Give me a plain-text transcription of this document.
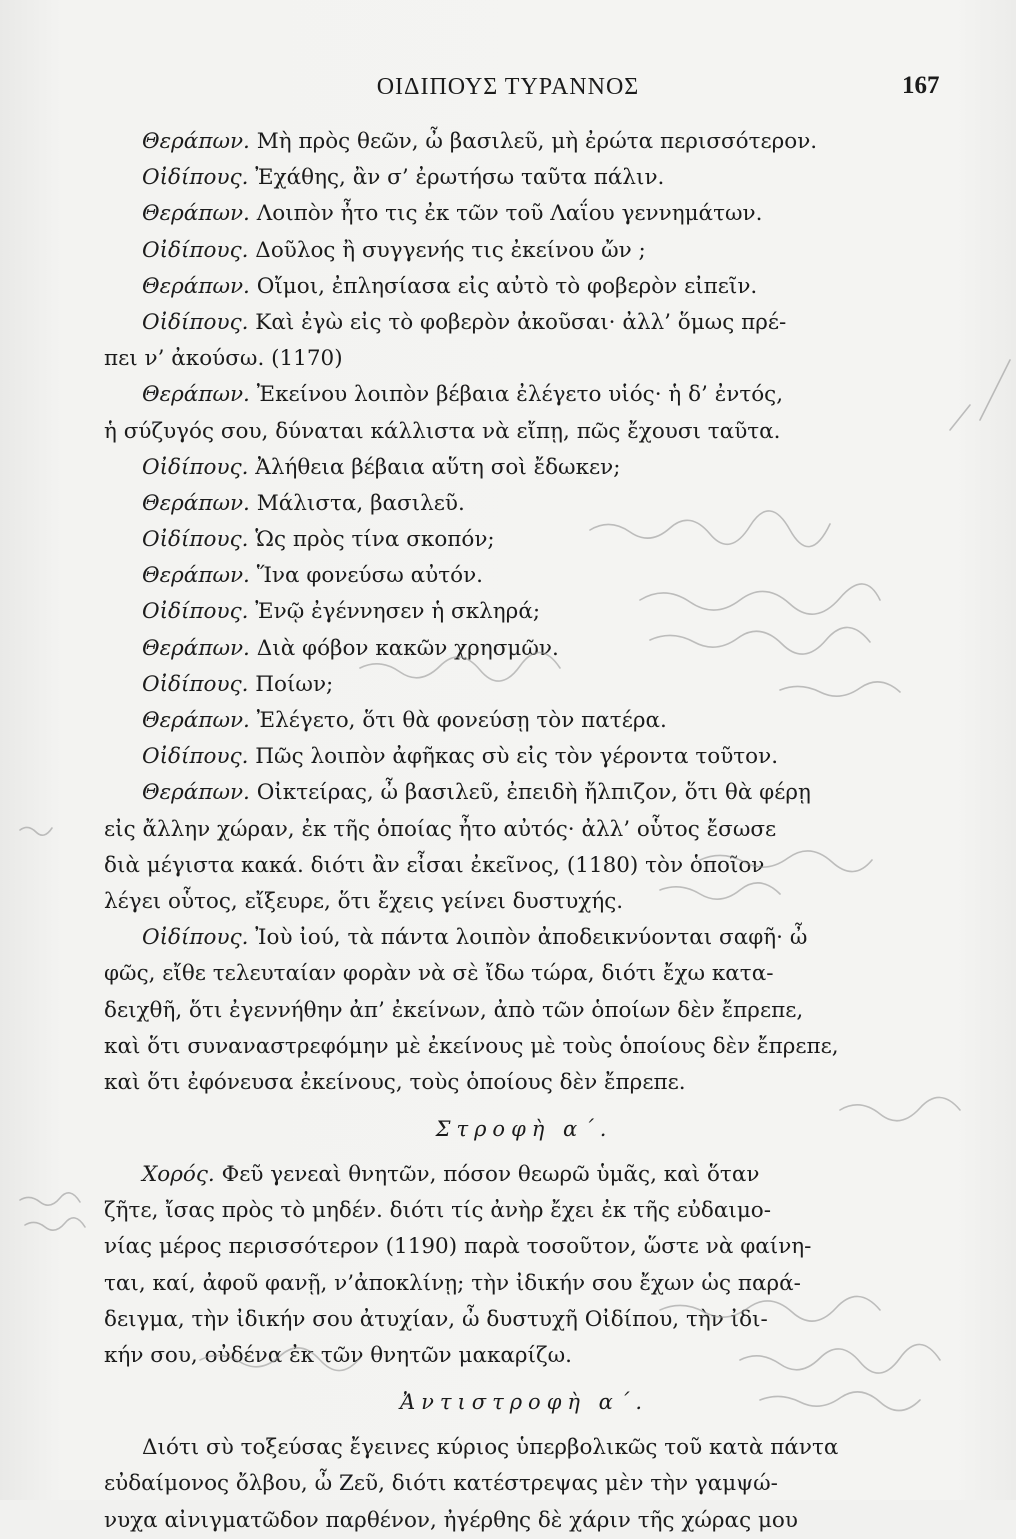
ΟΙΔΙΠΟΥΣ ΤΥΡΑΝΝΟΣ	167
Θεράπων. Μὴ πρὸς θεῶν, ὦ βασιλεῦ, μὴ ἐρώτα περισσότερον.
Οἰδίπους. Ἐχάθης, ἂν σ’ ἐρωτήσω ταῦτα πάλιν.
Θεράπων. Λοιπὸν ἦτο τις ἐκ τῶν τοῦ Λαΐου γεννημάτων.
Οἰδίπους. Δοῦλος ἢ συγγενής τις ἐκείνου ὤν ;
Θεράπων. Οἴμοι, ἐπλησίασα εἰς αὐτὸ τὸ φοβερὸν εἰπεῖν.
Οἰδίπους. Καὶ ἐγὼ εἰς τὸ φοβερὸν ἀκοῦσαι· ἀλλ’ ὅμως πρέ-
πει ν’ ἀκούσω. (1170)
Θεράπων. Ἐκείνου λοιπὸν βέβαια ἐλέγετο υἱός· ἡ δ’ ἐντός,
ἡ σύζυγός σου, δύναται κάλλιστα νὰ εἴπῃ, πῶς ἔχουσι ταῦτα.
Οἰδίπους. Ἀλήθεια βέβαια αὕτη σοὶ ἔδωκεν;
Θεράπων. Μάλιστα, βασιλεῦ.
Οἰδίπους. Ὡς πρὸς τίνα σκοπόν;
Θεράπων. Ἵνα φονεύσω αὐτόν.
Οἰδίπους. Ἐνῷ ἐγέννησεν ἡ σκληρά;
Θεράπων. Διὰ φόβον κακῶν χρησμῶν.
Οἰδίπους. Ποίων;
Θεράπων. Ἐλέγετο, ὅτι θὰ φονεύσῃ τὸν πατέρα.
Οἰδίπους. Πῶς λοιπὸν ἀφῆκας σὺ εἰς τὸν γέροντα τοῦτον.
Θεράπων. Οἰκτείρας, ὦ βασιλεῦ, ἐπειδὴ ἤλπιζον, ὅτι θὰ φέρῃ
εἰς ἄλλην χώραν, ἐκ τῆς ὁποίας ἦτο αὐτός· ἀλλ’ οὗτος ἔσωσε
διὰ μέγιστα κακά. διότι ἂν εἶσαι ἐκεῖνος, (1180) τὸν ὁποῖον
λέγει οὗτος, εἴξευρε, ὅτι ἔχεις γείνει δυστυχής.
Οἰδίπους. Ἰοὺ ἰού, τὰ πάντα λοιπὸν ἀποδεικνύονται σαφῆ· ὦ
φῶς, εἴθε τελευταίαν φορὰν νὰ σὲ ἴδω τώρα, διότι ἔχω κατα-
δειχθῆ, ὅτι ἐγεννήθην ἀπ’ ἐκείνων, ἀπὸ τῶν ὁποίων δὲν ἔπρεπε,
καὶ ὅτι συναναστρεφόμην μὲ ἐκείνους μὲ τοὺς ὁποίους δὲν ἔπρεπε,
καὶ ὅτι ἐφόνευσα ἐκείνους, τοὺς ὁποίους δὲν ἔπρεπε.
Στροφὴ α΄.
Χορός. Φεῦ γενεαὶ θνητῶν, πόσον θεωρῶ ὑμᾶς, καὶ ὅταν
ζῆτε, ἴσας πρὸς τὸ μηδέν. διότι τίς ἀνὴρ ἔχει ἐκ τῆς εὐδαιμο-
νίας μέρος περισσότερον (1190) παρὰ τοσοῦτον, ὥστε νὰ φαίνη-
ται, καί, ἀφοῦ φανῇ, ν’ἀποκλίνῃ; τὴν ἰδικήν σου ἔχων ὡς παρά-
δειγμα, τὴν ἰδικήν σου ἀτυχίαν, ὦ δυστυχῆ Οἰδίπου, τὴν ἰδι-
κήν σου, οὐδένα ἐκ τῶν θνητῶν μακαρίζω.
Ἀντιστροφὴ α΄.
Διότι σὺ τοξεύσας ἔγεινες κύριος ὑπερβολικῶς τοῦ κατὰ πάντα
εὐδαίμονος ὄλβου, ὦ Ζεῦ, διότι κατέστρεψας μὲν τὴν γαμψώ-
νυχα αἰνιγματῶδον παρθένον, ἠγέρθης δὲ χάριν τῆς χώρας μου
